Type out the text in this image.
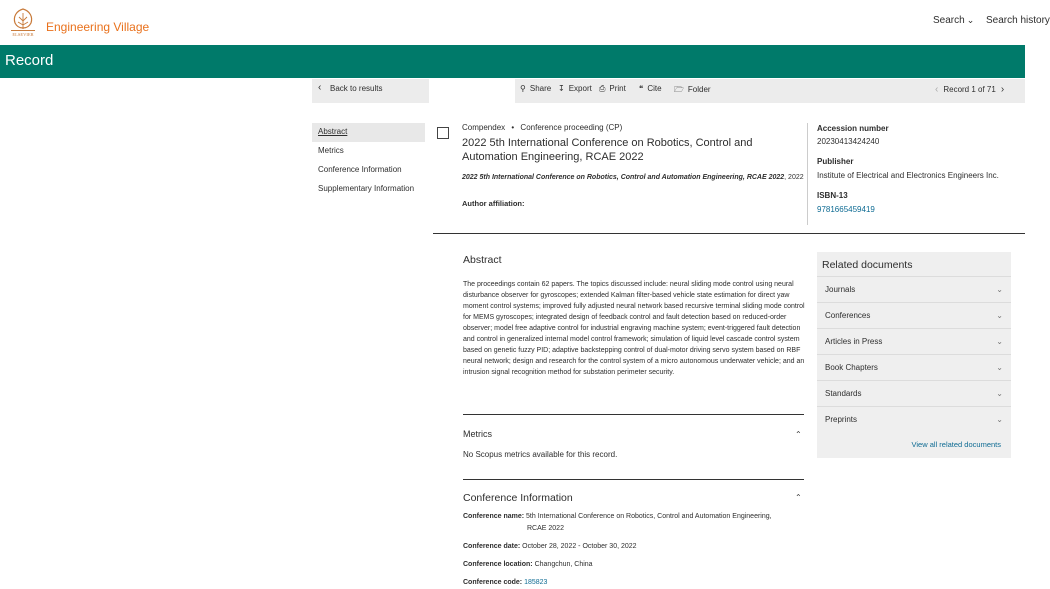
ELSEVIER
Engineering Village	Search ⌄ Search history
Record
‹ Back to results	⚲ Share ↧ Export ⎙ Print ❝ Cite 🗁 Folder	‹ Record 1 of 71 ›
Abstract
Metrics
Conference Information
Supplementary Information
Compendex • Conference proceeding (CP)
2022 5th International Conference on Robotics, Control and Automation Engineering, RCAE 2022
2022 5th International Conference on Robotics, Control and Automation Engineering, RCAE 2022, 2022
Author affiliation:
Accession number
20230413424240
Publisher
Institute of Electrical and Electronics Engineers Inc.
ISBN-13
9781665459419
Abstract
The proceedings contain 62 papers. The topics discussed include: neural sliding mode control using neural disturbance observer for gyroscopes; extended Kalman filter-based vehicle state estimation for direct yaw moment control systems; improved fully adjusted neural network based recursive terminal sliding mode control for MEMS gyroscopes; integrated design of feedback control and fault detection based on reduced-order observer; model free adaptive control for industrial engraving machine system; event-triggered fault detection and control in generalized internal model control framework; simulation of liquid level cascade control system based on genetic fuzzy PID; adaptive backstepping control of dual-motor driving servo system based on RBF neural network; design and research for the control system of a micro autonomous underwater vehicle; and an intrusion signal recognition method for substation perimeter security.
Metrics	⌃
No Scopus metrics available for this record.
Conference Information	⌃
Conference name: 5th International Conference on Robotics, Control and Automation Engineering,
RCAE 2022
Conference date: October 28, 2022 - October 30, 2022
Conference location: Changchun, China
Conference code: 185823
Related documents
Journals	⌄
Conferences	⌄
Articles in Press	⌄
Book Chapters	⌄
Standards	⌄
Preprints	⌄
View all related documents
